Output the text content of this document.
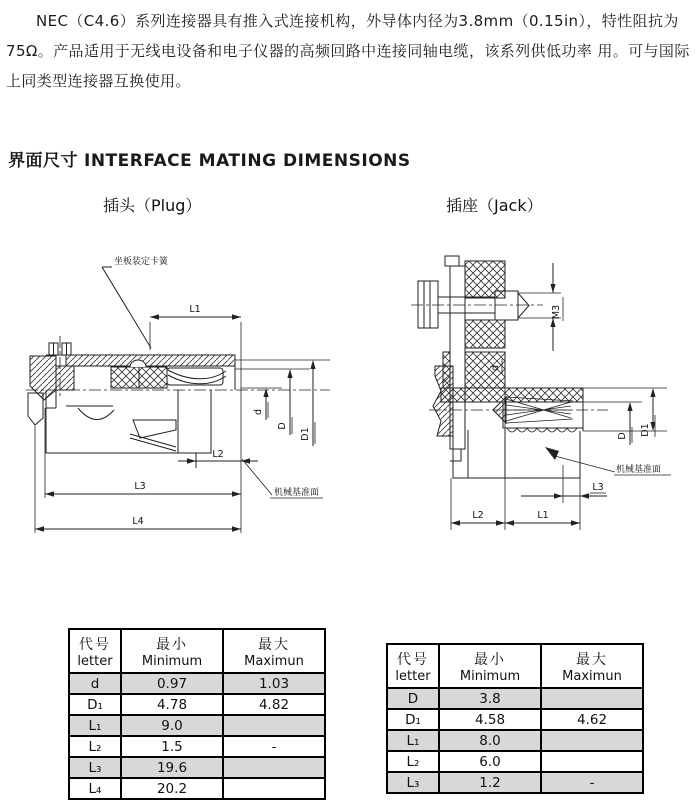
NEC（C4.6）系列连接器具有推入式连接机构，外导体内径为3.8mm（0.15in），特性阻抗为75Ω。产品适用于无线电设备和电子仪器的高频回路中连接同轴电缆，该系列供低功率 用。可与国际上同类型连接器互换使用。
界面尺寸 INTERFACE MATING DIMENSIONS
插头（Plug）	插座（Jack）
坐板装定卡簧
L1
d
D
D1
L2
L3
L4
机械基准面
M3
d
D D1
L3
L2	L1
机械基准面
代号
letter

最小
Minimum

最大
Maximun

d	0.97	1.03
D₁	4.78	4.82
L₁	9.0	
L₂	1.5	-
L₃	19.6	
L₄	20.2	
代号
letter

最小
Minimum

最大
Maximun

D	3.8	
D₁	4.58	4.62
L₁	8.0	
L₂	6.0	
L₃	1.2	-
